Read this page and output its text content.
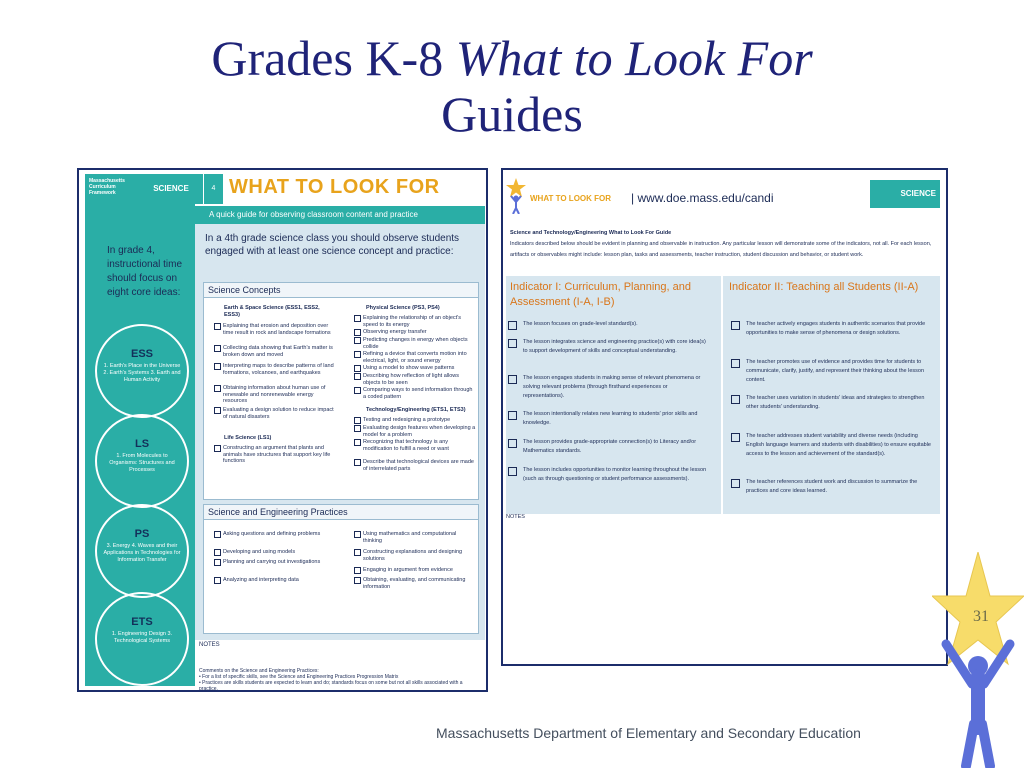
Grades K-8 What to Look For
Guides
Massachusetts Curriculum Framework
In grade 4, instructional time should focus on eight core ideas:
ESS
1. Earth's Place in the Universe 2. Earth's Systems 3. Earth and Human Activity
LS
1. From Molecules to Organisms: Structures and Processes
PS
3. Energy 4. Waves and their Applications in Technologies for Information Transfer
ETS
1. Engineering Design 3. Technological Systems
SCIENCE	4 WHAT TO LOOK FOR
A quick guide for observing classroom content and practice
In a 4th grade science class you should observe students engaged with at least one science concept and practice:
Science Concepts
Earth & Space Science (ESS1, ESS2, ESS3)
Explaining that erosion and deposition over time result in rock and landscape formations
Collecting data showing that Earth's matter is broken down and moved
Interpreting maps to describe patterns of land formations, volcanoes, and earthquakes
Obtaining information about human use of renewable and nonrenewable energy resources
Evaluating a design solution to reduce impact of natural disasters
Life Science (LS1)
Constructing an argument that plants and animals have structures that support key life functions
Physical Science (PS3, PS4)
Explaining the relationship of an object's speed to its energy
Observing energy transfer
Predicting changes in energy when objects collide
Refining a device that converts motion into electrical, light, or sound energy
Using a model to show wave patterns
Describing how reflection of light allows objects to be seen
Comparing ways to send information through a coded pattern
Technology/Engineering (ETS1, ETS3)
Testing and redesigning a prototype
Evaluating design features when developing a model for a problem
Recognizing that technology is any modification to fulfill a need or want
Describe that technological devices are made of interrelated parts
Science and Engineering Practices
Asking questions and defining problems
Developing and using models
Planning and carrying out investigations
Analyzing and interpreting data
Using mathematics and computational thinking
Constructing explanations and designing solutions
Engaging in argument from evidence
Obtaining, evaluating, and communicating information
NOTES
Comments on the Science and Engineering Practices:
• For a list of specific skills, see the Science and Engineering Practices Progression Matrix
• Practices are skills students are expected to learn and do; standards focus on some but not all skills associated with a practice.
WHAT TO LOOK FOR | www.doe.mass.edu/candi	SCIENCE
Science and Technology/Engineering What to Look For Guide
Indicators described below should be evident in planning and observable in instruction. Any particular lesson will demonstrate some of the indicators, not all. For each lesson, artifacts or observables might include: lesson plan, tasks and assessments, teacher instruction, student discussion and behavior, or student work.
Indicator I: Curriculum, Planning, and Assessment (I-A, I-B)
The lesson focuses on grade-level standard(s).
The lesson integrates science and engineering practice(s) with core idea(s) to support development of skills and conceptual understanding.
The lesson engages students in making sense of relevant phenomena or solving relevant problems (through firsthand experiences or representations).
The lesson intentionally relates new learning to students' prior skills and knowledge.
The lesson provides grade-appropriate connection(s) to Literacy and/or Mathematics standards.
The lesson includes opportunities to monitor learning throughout the lesson (such as through questioning or student performance assessments).
Indicator II: Teaching all Students (II-A)
The teacher actively engages students in authentic scenarios that provide opportunities to make sense of phenomena or design solutions.
The teacher promotes use of evidence and provides time for students to communicate, clarify, justify, and represent their thinking about the lesson content.
The teacher uses variation in students' ideas and strategies to strengthen other students' understanding.
The teacher addresses student variability and diverse needs (including English language learners and students with disabilities) to ensure equitable access to the lesson and achievement of the standard(s).
The teacher references student work and discussion to summarize the practices and core ideas learned.
NOTES
Massachusetts Department of Elementary and Secondary Education
31
